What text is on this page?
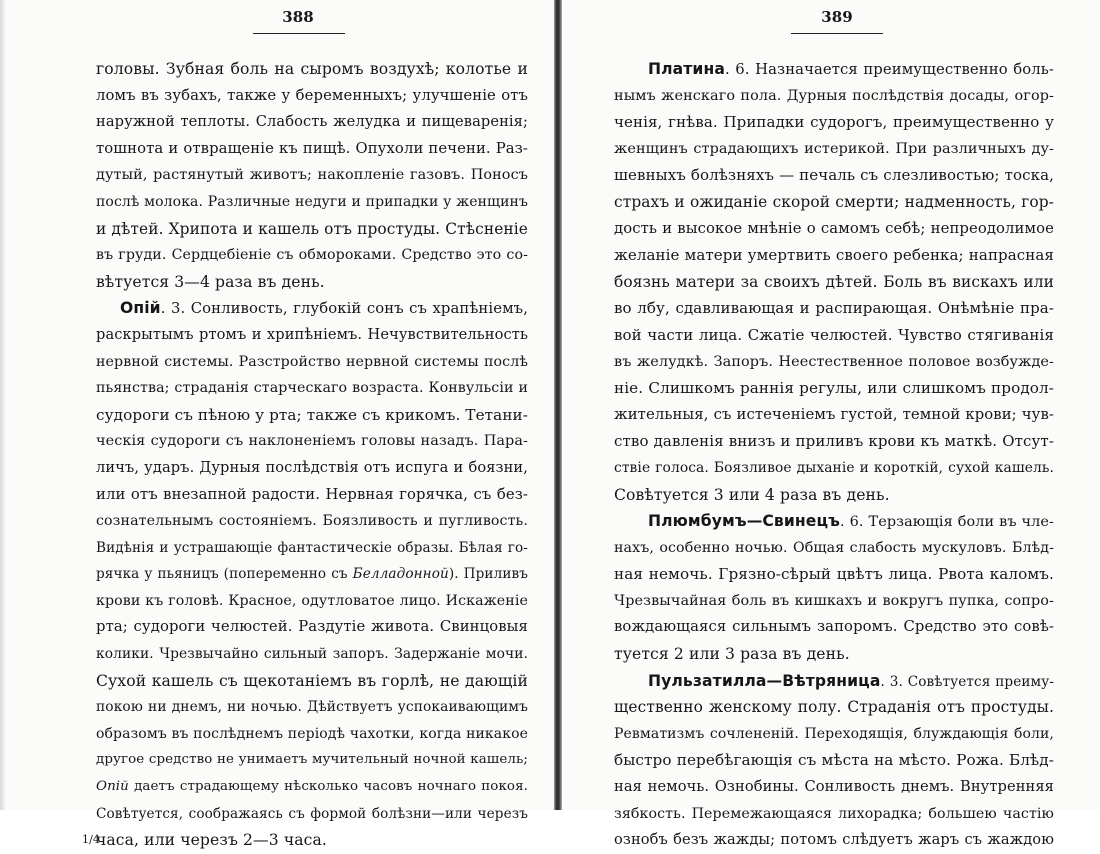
388
головы. Зубная боль на сыромъ воздухѣ; колотье и
ломъ въ зубахъ, также у беременныхъ; улучшеніе отъ
наружной теплоты. Слабость желудка и пищеваренія;
тошнота и отвращеніе къ пищѣ. Опухоли печени. Раз-
дутый, растянутый животъ; накопленіе газовъ. Поносъ
послѣ молока. Различные недуги и припадки у женщинъ
и дѣтей. Хрипота и кашель отъ простуды. Стѣсненіе
въ груди. Сердцебіеніе съ обмороками. Средство это со-
вѣтуется 3—4 раза въ день.
Опій. 3. Сонливость, глубокій сонъ съ храпѣніемъ,
раскрытымъ ртомъ и хрипѣніемъ. Нечувствительность
нервной системы. Разстройство нервной системы послѣ
пьянства; страданія старческаго возраста. Конвульсіи и
судороги съ пѣною у рта; также съ крикомъ. Тетани-
ческія судороги съ наклоненіемъ головы назадъ. Пара-
личъ, ударъ. Дурныя послѣдствія отъ испуга и боязни,
или отъ внезапной радости. Нервная горячка, съ без-
сознательнымъ состояніемъ. Боязливость и пугливость.
Видѣнія и устрашающіе фантастическіе образы. Бѣлая го-
рячка у пьяницъ (попеременно съ Белладонной). Приливъ
крови къ головѣ. Красное, одутловатое лицо. Искаженіе
рта; судороги челюстей. Раздутіе живота. Свинцовыя
колики. Чрезвычайно сильный запоръ. Задержаніе мочи.
Сухой кашель съ щекотаніемъ въ горлѣ, не дающій
покою ни днемъ, ни ночью. Дѣйствуетъ успокаивающимъ
образомъ въ послѣднемъ періодѣ чахотки, когда никакое
другое средство не унимаетъ мучительный ночной кашель;
Опій даетъ страдающему нѣсколько часовъ ночнаго покоя.
Совѣтуется, соображаясь съ формой болѣзни—или черезъ
1/4
часа, или черезъ 2—3 часа.
389
Платина. 6. Назначается преимущественно боль-
нымъ женскаго пола. Дурныя послѣдствія досады, огор-
ченія, гнѣва. Припадки судорогъ, преимущественно у
женщинъ страдающихъ истерикой. При различныхъ ду-
шевныхъ болѣзняхъ — печаль съ слезливостью; тоска,
страхъ и ожиданіе скорой смерти; надменность, гор-
дость и высокое мнѣніе о самомъ себѣ; непреодолимое
желаніе матери умертвить своего ребенка; напрасная
боязнь матери за своихъ дѣтей. Боль въ вискахъ или
во лбу, сдавливающая и распирающая. Онѣмѣніе пра-
вой части лица. Сжатіе челюстей. Чувство стягиванія
въ желудкѣ. Запоръ. Неестественное половое возбужде-
ніе. Слишкомъ раннія регулы, или слишкомъ продол-
жительныя, съ истеченіемъ густой, темной крови; чув-
ство давленія внизъ и приливъ крови къ маткѣ. Отсут-
ствіе голоса. Боязливое дыханіе и короткій, сухой кашель.
Совѣтуется 3 или 4 раза въ день.
Плюмбумъ—Свинецъ. 6. Терзающія боли въ чле-
нахъ, особенно ночью. Общая слабость мускуловъ. Блѣд-
ная немочь. Грязно-сѣрый цвѣтъ лица. Рвота каломъ.
Чрезвычайная боль въ кишкахъ и вокругъ пупка, сопро-
вождающаяся сильнымъ запоромъ. Средство это совѣ-
туется 2 или 3 раза въ день.
Пульзатилла—Вѣтряница. 3. Совѣтуется преиму-
щественно женскому полу. Страданія отъ простуды.
Ревматизмъ сочлененій. Переходящія, блуждающія боли,
быстро перебѣгающія съ мѣста на мѣсто. Рожа. Блѣд-
ная немочь. Ознобины. Сонливость днемъ. Внутренняя
зябкость. Перемежающаяся лихорадка; большею частію
ознобъ безъ жажды; потомъ слѣдуетъ жаръ съ жаждою
